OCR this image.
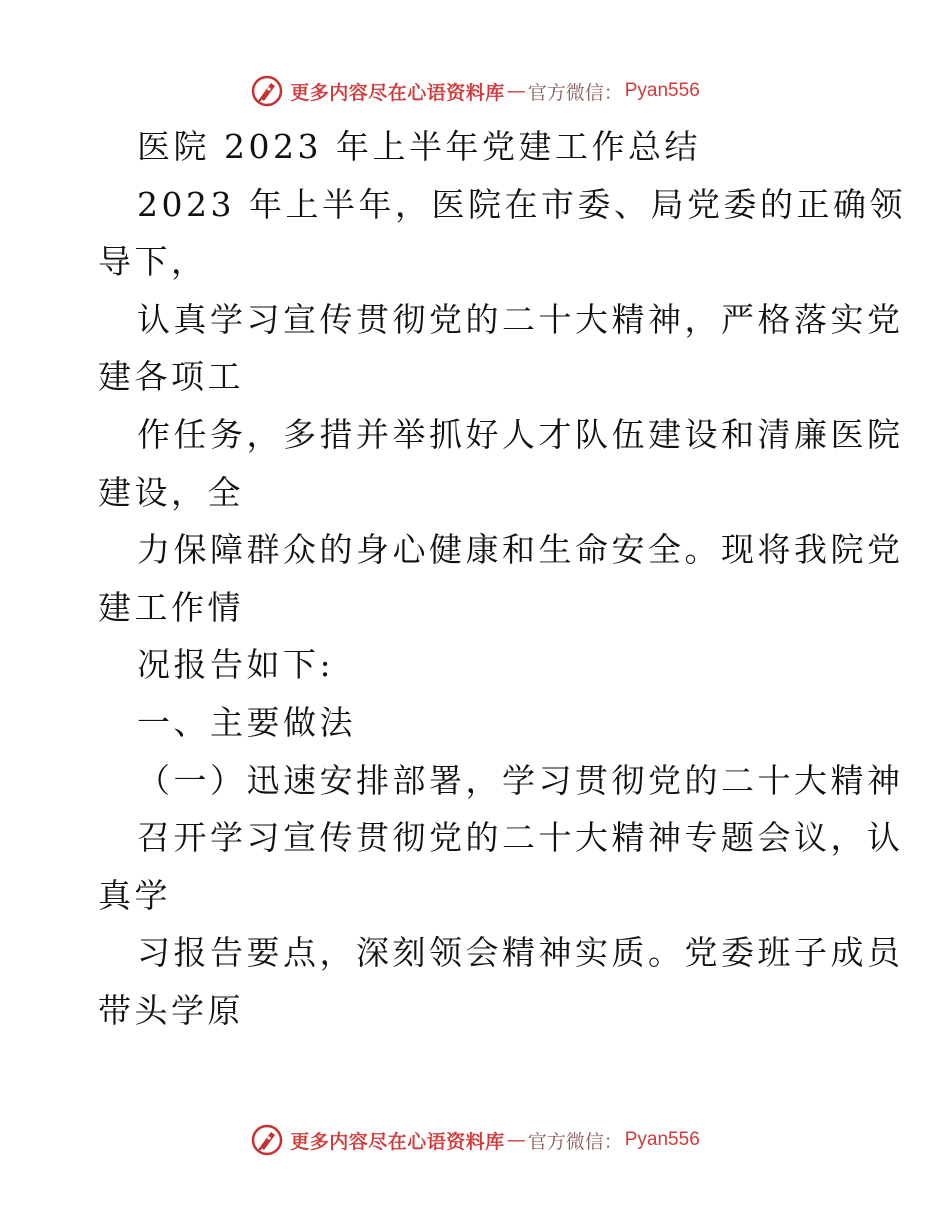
更多内容尽在心语资料库 — 官方微信： Pyan556
医院 2023 年上半年党建工作总结
2023 年上半年，医院在市委、局党委的正确领
导下，
认真学习宣传贯彻党的二十大精神，严格落实党
建各项工
作任务，多措并举抓好人才队伍建设和清廉医院
建设，全
力保障群众的身心健康和生命安全。现将我院党
建工作情
况报告如下:
一、主要做法
（一）迅速安排部署，学习贯彻党的二十大精神
召开学习宣传贯彻党的二十大精神专题会议，认
真学
习报告要点，深刻领会精神实质。党委班子成员
带头学原
更多内容尽在心语资料库 — 官方微信： Pyan556
